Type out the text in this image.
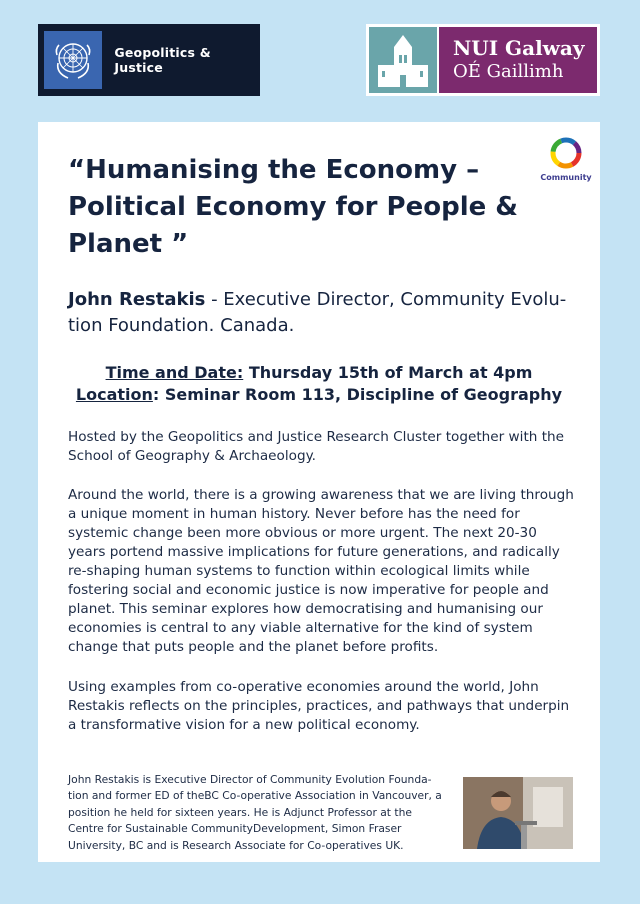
Geopolitics & Justice
NUI Galway
OÉ Gaillimh
Community
“Humanising the Economy – Political Economy for People & Planet ”

John Restakis - Executive Director, Community Evolu-tion Foundation. Canada.

Time and Date: Thursday 15th of March at 4pm
Location: Seminar Room 113, Discipline of Geography

Hosted by the Geopolitics and Justice Research Cluster together with the School of Geography & Archaeology.

Around the world, there is a growing awareness that we are living through a unique moment in human history. Never before has the need for systemic change been more obvious or more urgent. The next 20-30 years portend massive implications for future generations, and radically re-shaping human systems to function within ecological limits while fostering social and economic justice is now imperative for people and planet. This seminar explores how democratising and humanising our economies is central to any viable alternative for the kind of system change that puts people and the planet before profits.

Using examples from co-operative economies around the world, John Restakis reflects on the principles, practices, and pathways that underpin a transformative vision for a new political economy.

John Restakis is Executive Director of Community Evolution Founda-tion and former ED of theBC Co-operative Association in Vancouver, a position he held for sixteen years. He is Adjunct Professor at the Centre for Sustainable CommunityDevelopment, Simon Fraser University, BC and is Research Associate for Co-operatives UK.
